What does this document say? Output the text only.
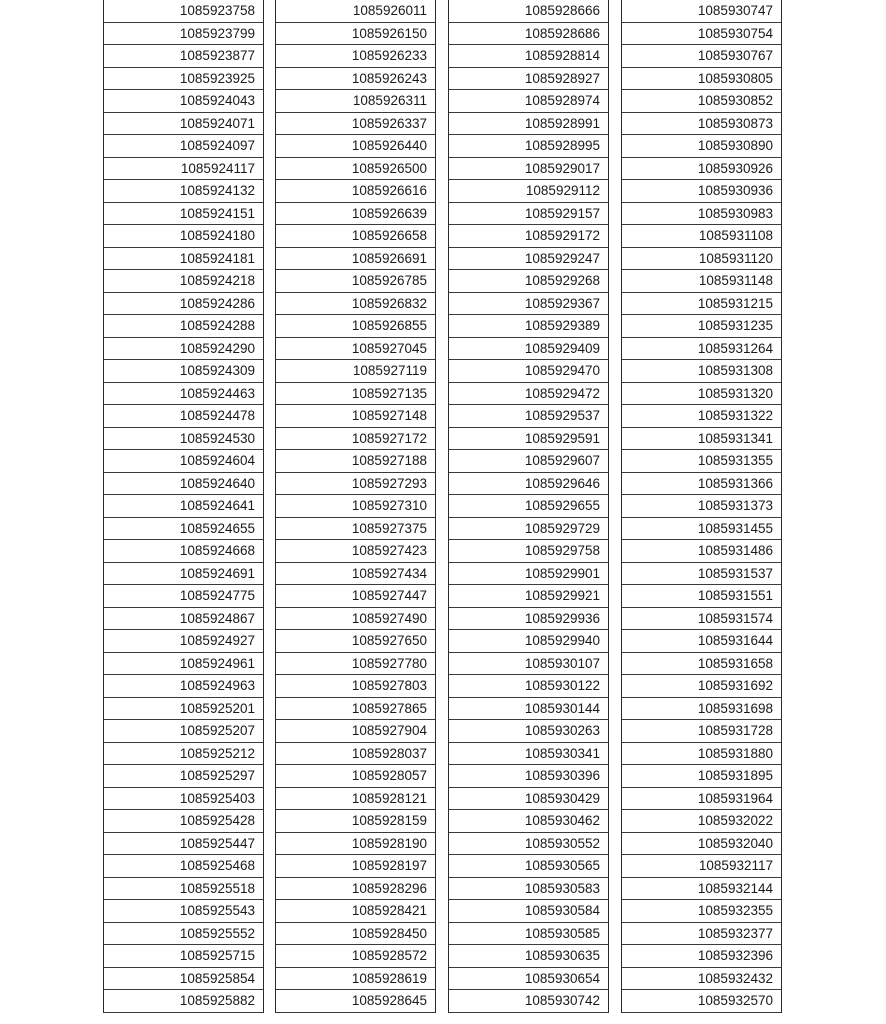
1085923758
1085923799
1085923877
1085923925
1085924043
1085924071
1085924097
1085924117
1085924132
1085924151
1085924180
1085924181
1085924218
1085924286
1085924288
1085924290
1085924309
1085924463
1085924478
1085924530
1085924604
1085924640
1085924641
1085924655
1085924668
1085924691
1085924775
1085924867
1085924927
1085924961
1085924963
1085925201
1085925207
1085925212
1085925297
1085925403
1085925428
1085925447
1085925468
1085925518
1085925543
1085925552
1085925715
1085925854
1085925882
1085926011
1085926150
1085926233
1085926243
1085926311
1085926337
1085926440
1085926500
1085926616
1085926639
1085926658
1085926691
1085926785
1085926832
1085926855
1085927045
1085927119
1085927135
1085927148
1085927172
1085927188
1085927293
1085927310
1085927375
1085927423
1085927434
1085927447
1085927490
1085927650
1085927780
1085927803
1085927865
1085927904
1085928037
1085928057
1085928121
1085928159
1085928190
1085928197
1085928296
1085928421
1085928450
1085928572
1085928619
1085928645
1085928666
1085928686
1085928814
1085928927
1085928974
1085928991
1085928995
1085929017
1085929112
1085929157
1085929172
1085929247
1085929268
1085929367
1085929389
1085929409
1085929470
1085929472
1085929537
1085929591
1085929607
1085929646
1085929655
1085929729
1085929758
1085929901
1085929921
1085929936
1085929940
1085930107
1085930122
1085930144
1085930263
1085930341
1085930396
1085930429
1085930462
1085930552
1085930565
1085930583
1085930584
1085930585
1085930635
1085930654
1085930742
1085930747
1085930754
1085930767
1085930805
1085930852
1085930873
1085930890
1085930926
1085930936
1085930983
1085931108
1085931120
1085931148
1085931215
1085931235
1085931264
1085931308
1085931320
1085931322
1085931341
1085931355
1085931366
1085931373
1085931455
1085931486
1085931537
1085931551
1085931574
1085931644
1085931658
1085931692
1085931698
1085931728
1085931880
1085931895
1085931964
1085932022
1085932040
1085932117
1085932144
1085932355
1085932377
1085932396
1085932432
1085932570
